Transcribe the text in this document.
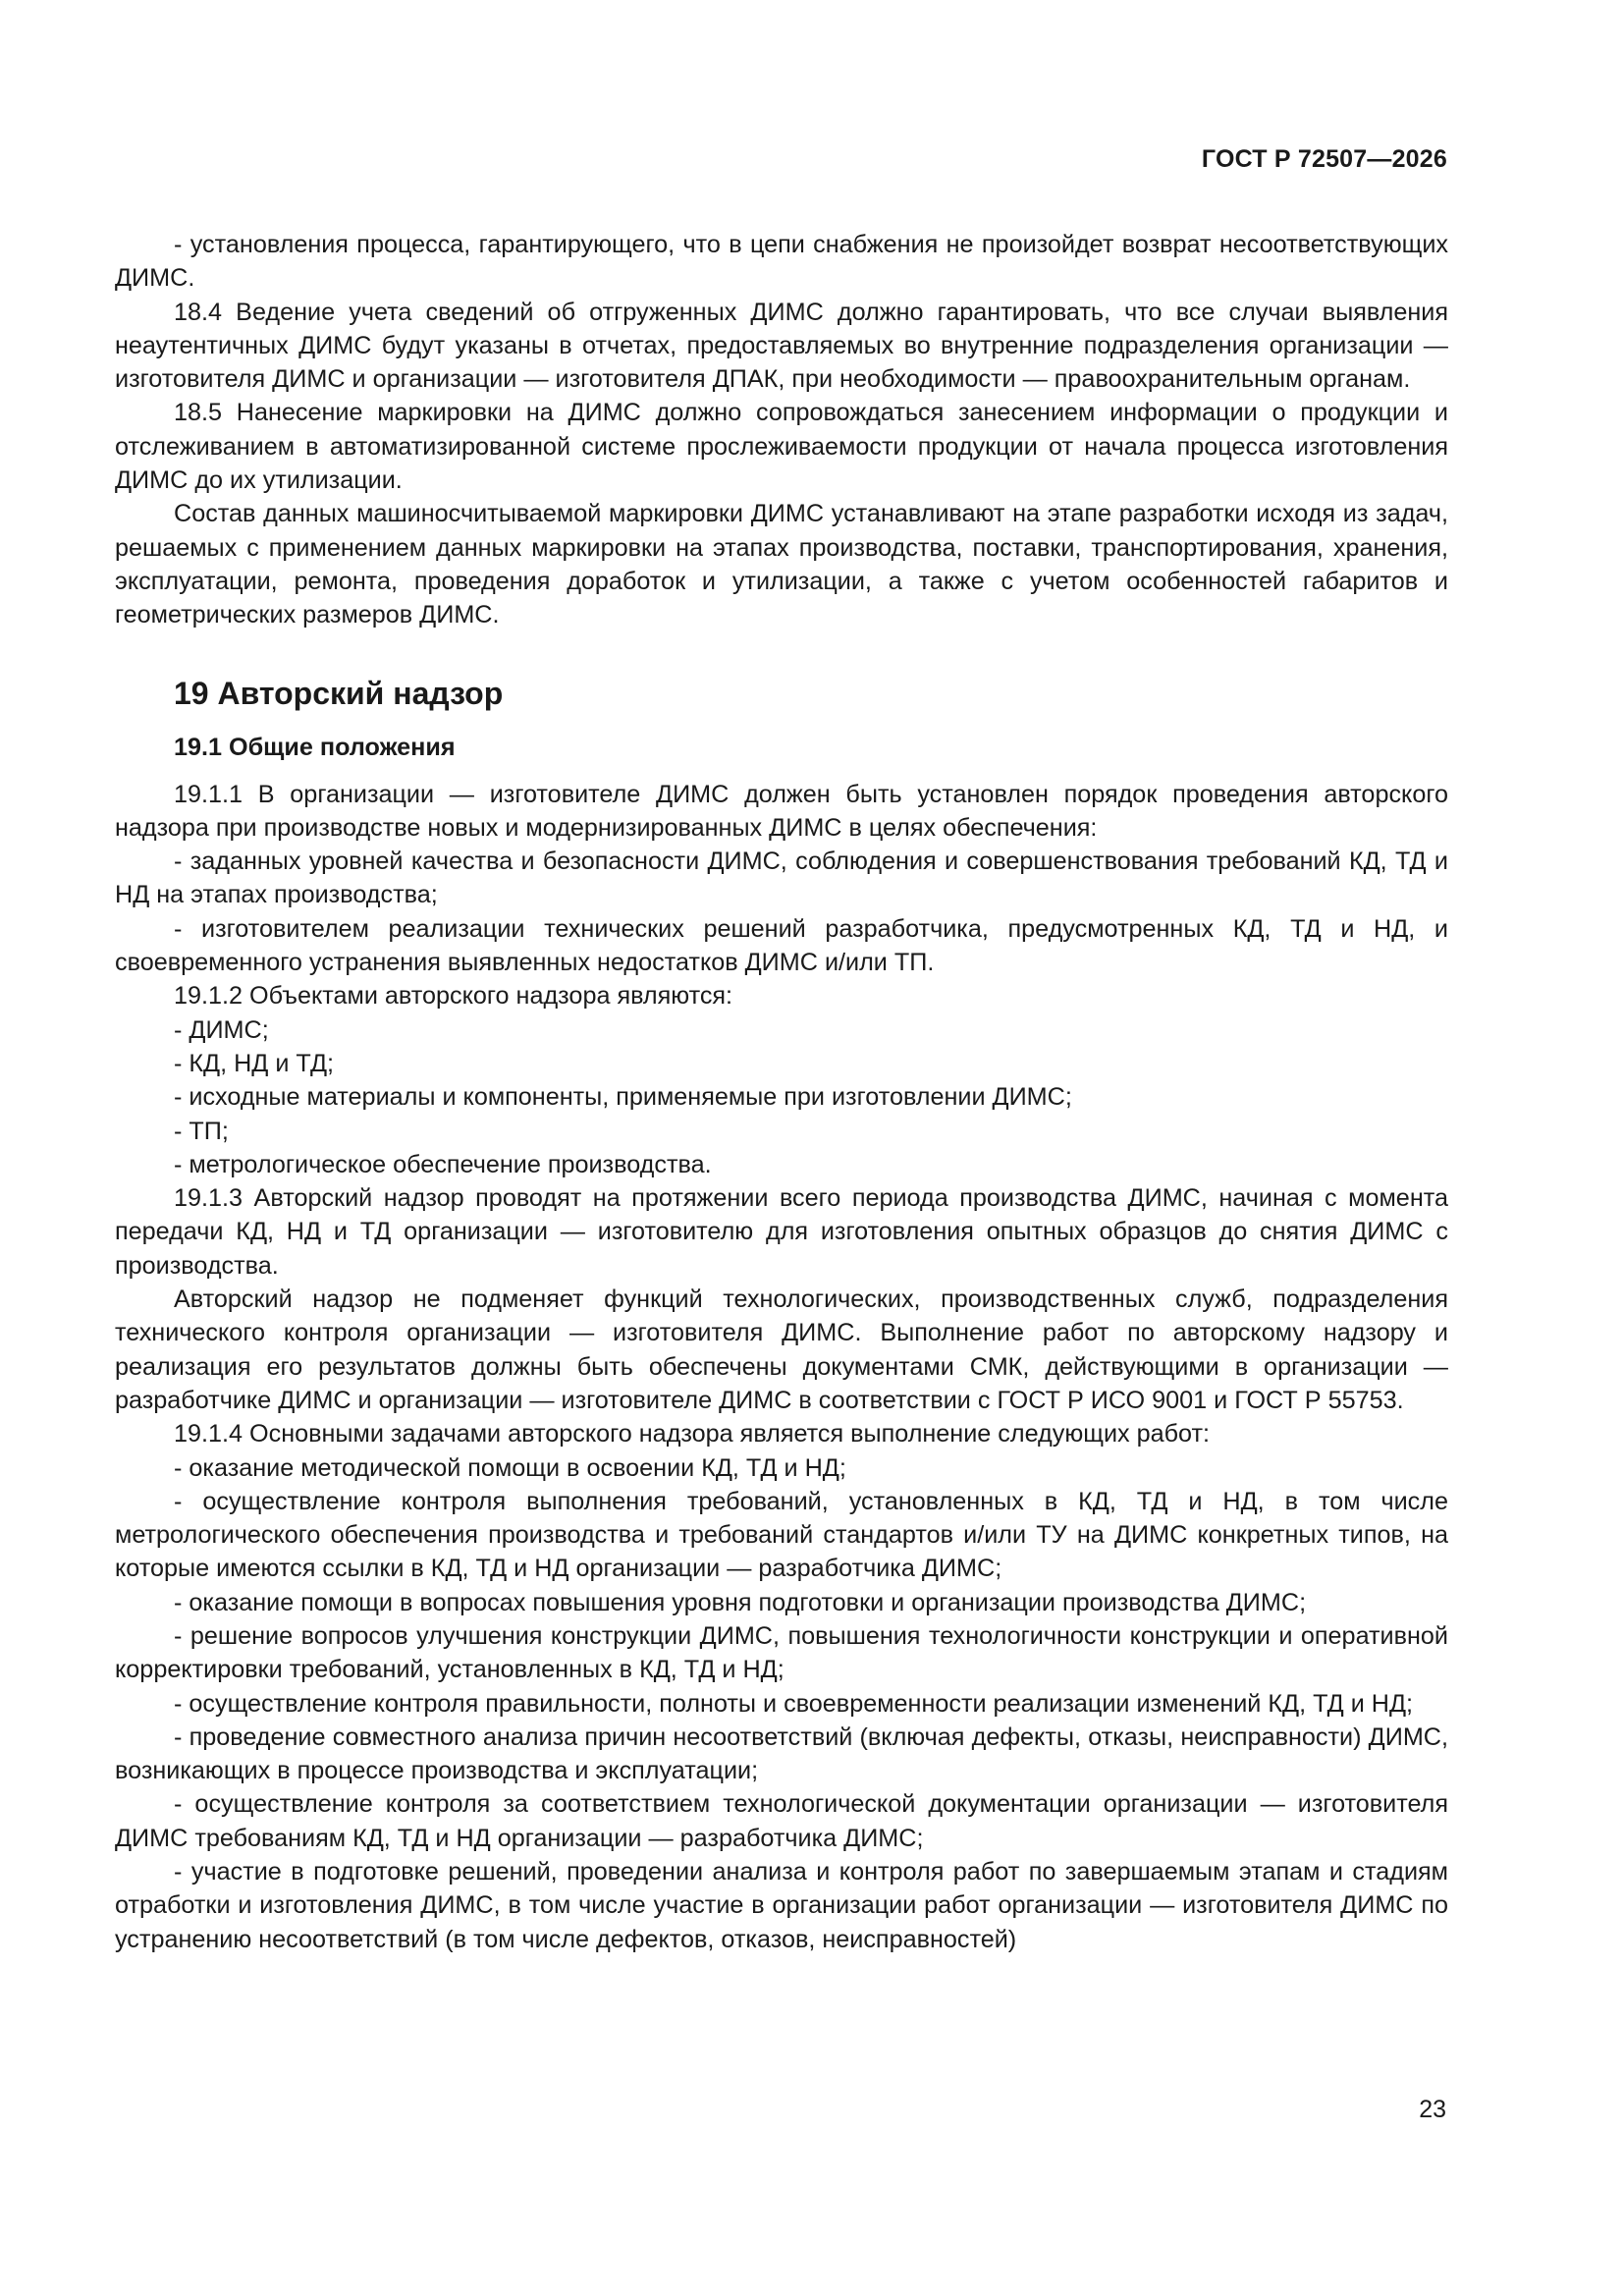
ГОСТ Р 72507—2026

- установления процесса, гарантирующего, что в цепи снабжения не произойдет возврат несоответствующих ДИМС.

18.4 Ведение учета сведений об отгруженных ДИМС должно гарантировать, что все случаи выявления неаутентичных ДИМС будут указаны в отчетах, предоставляемых во внутренние подразделения организации — изготовителя ДИМС и организации — изготовителя ДПАК, при необходимости — правоохранительным органам.

18.5 Нанесение маркировки на ДИМС должно сопровождаться занесением информации о продукции и отслеживанием в автоматизированной системе прослеживаемости продукции от начала процесса изготовления ДИМС до их утилизации.

Состав данных машиносчитываемой маркировки ДИМС устанавливают на этапе разработки исходя из задач, решаемых с применением данных маркировки на этапах производства, поставки, транспортирования, хранения, эксплуатации, ремонта, проведения доработок и утилизации, а также с учетом особенностей габаритов и геометрических размеров ДИМС.

19 Авторский надзор
19.1 Общие положения

19.1.1 В организации — изготовителе ДИМС должен быть установлен порядок проведения авторского надзора при производстве новых и модернизированных ДИМС в целях обеспечения:

- заданных уровней качества и безопасности ДИМС, соблюдения и совершенствования требований КД, ТД и НД на этапах производства;

- изготовителем реализации технических решений разработчика, предусмотренных КД, ТД и НД, и своевременного устранения выявленных недостатков ДИМС и/или ТП.

19.1.2 Объектами авторского надзора являются:

- ДИМС;

- КД, НД и ТД;

- исходные материалы и компоненты, применяемые при изготовлении ДИМС;

- ТП;

- метрологическое обеспечение производства.

19.1.3 Авторский надзор проводят на протяжении всего периода производства ДИМС, начиная с момента передачи КД, НД и ТД организации — изготовителю для изготовления опытных образцов до снятия ДИМС с производства.

Авторский надзор не подменяет функций технологических, производственных служб, подразделения технического контроля организации — изготовителя ДИМС. Выполнение работ по авторскому надзору и реализация его результатов должны быть обеспечены документами СМК, действующими в организации — разработчике ДИМС и организации — изготовителе ДИМС в соответствии с ГОСТ Р ИСО 9001 и ГОСТ Р 55753.

19.1.4 Основными задачами авторского надзора является выполнение следующих работ:

- оказание методической помощи в освоении КД, ТД и НД;

- осуществление контроля выполнения требований, установленных в КД, ТД и НД, в том числе метрологического обеспечения производства и требований стандартов и/или ТУ на ДИМС конкретных типов, на которые имеются ссылки в КД, ТД и НД организации — разработчика ДИМС;

- оказание помощи в вопросах повышения уровня подготовки и организации производства ДИМС;

- решение вопросов улучшения конструкции ДИМС, повышения технологичности конструкции и оперативной корректировки требований, установленных в КД, ТД и НД;

- осуществление контроля правильности, полноты и своевременности реализации изменений КД, ТД и НД;

- проведение совместного анализа причин несоответствий (включая дефекты, отказы, неисправности) ДИМС, возникающих в процессе производства и эксплуатации;

- осуществление контроля за соответствием технологической документации организации — изготовителя ДИМС требованиям КД, ТД и НД организации — разработчика ДИМС;

- участие в подготовке решений, проведении анализа и контроля работ по завершаемым этапам и стадиям отработки и изготовления ДИМС, в том числе участие в организации работ организации — изготовителя ДИМС по устранению несоответствий (в том числе дефектов, отказов, неисправностей)

23
